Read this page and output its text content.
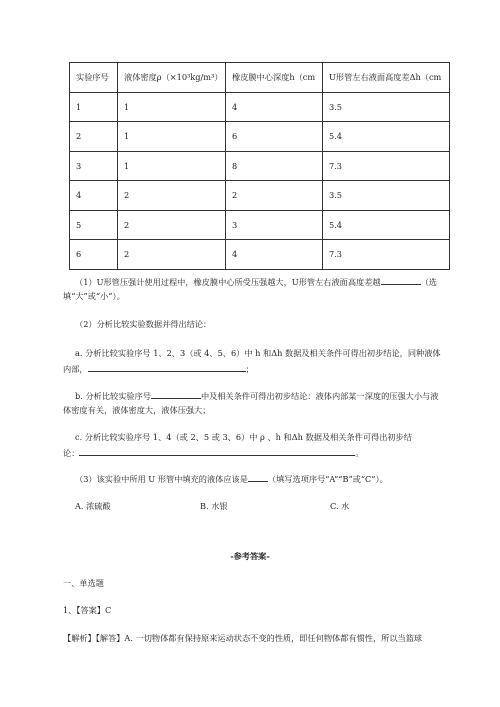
实验序号	液体密度ρ（×10³kg/m³）	橡皮膜中心深度h（cm	U形管左右液面高度差Δh（cm
1	1	4	3.5
2	1	6	5.4
3	1	8	7.3
4	2	2	3.5
5	2	3	5.4
6	2	4	7.3
（1）U形管压强计使用过程中，橡皮膜中心所受压强越大，U形管左右液面高度差越	（选
填“大”或“小”）。
（2）分析比较实验数据并得出结论：
a. 分析比较实验序号 1、2、3（或 4、5、6）中 h 和Δh 数据及相关条件可得出初步结论，同种液体
内部，	；
b. 分析比较实验序号	中及相关条件可得出初步结论：液体内部某一深度的压强大小与液
体密度有关，液体密度大，液体压强大；
c. 分析比较实验序号 1、4（或 2、5 或 3、6）中 ρ 、h 和Δh 数据及相关条件可得出初步结
论：	。
（3）该实验中所用 U 形管中填充的液体应该是 （填写选项序号“A”“B”或“C”）。
A. 浓硫酸	B. 水银	C. 水
-参考答案-
一、单选题
1、【答案】C
【解析】【解答】A. 一切物体都有保持原来运动状态不变的性质，即任何物体都有惯性，所以当篮球
